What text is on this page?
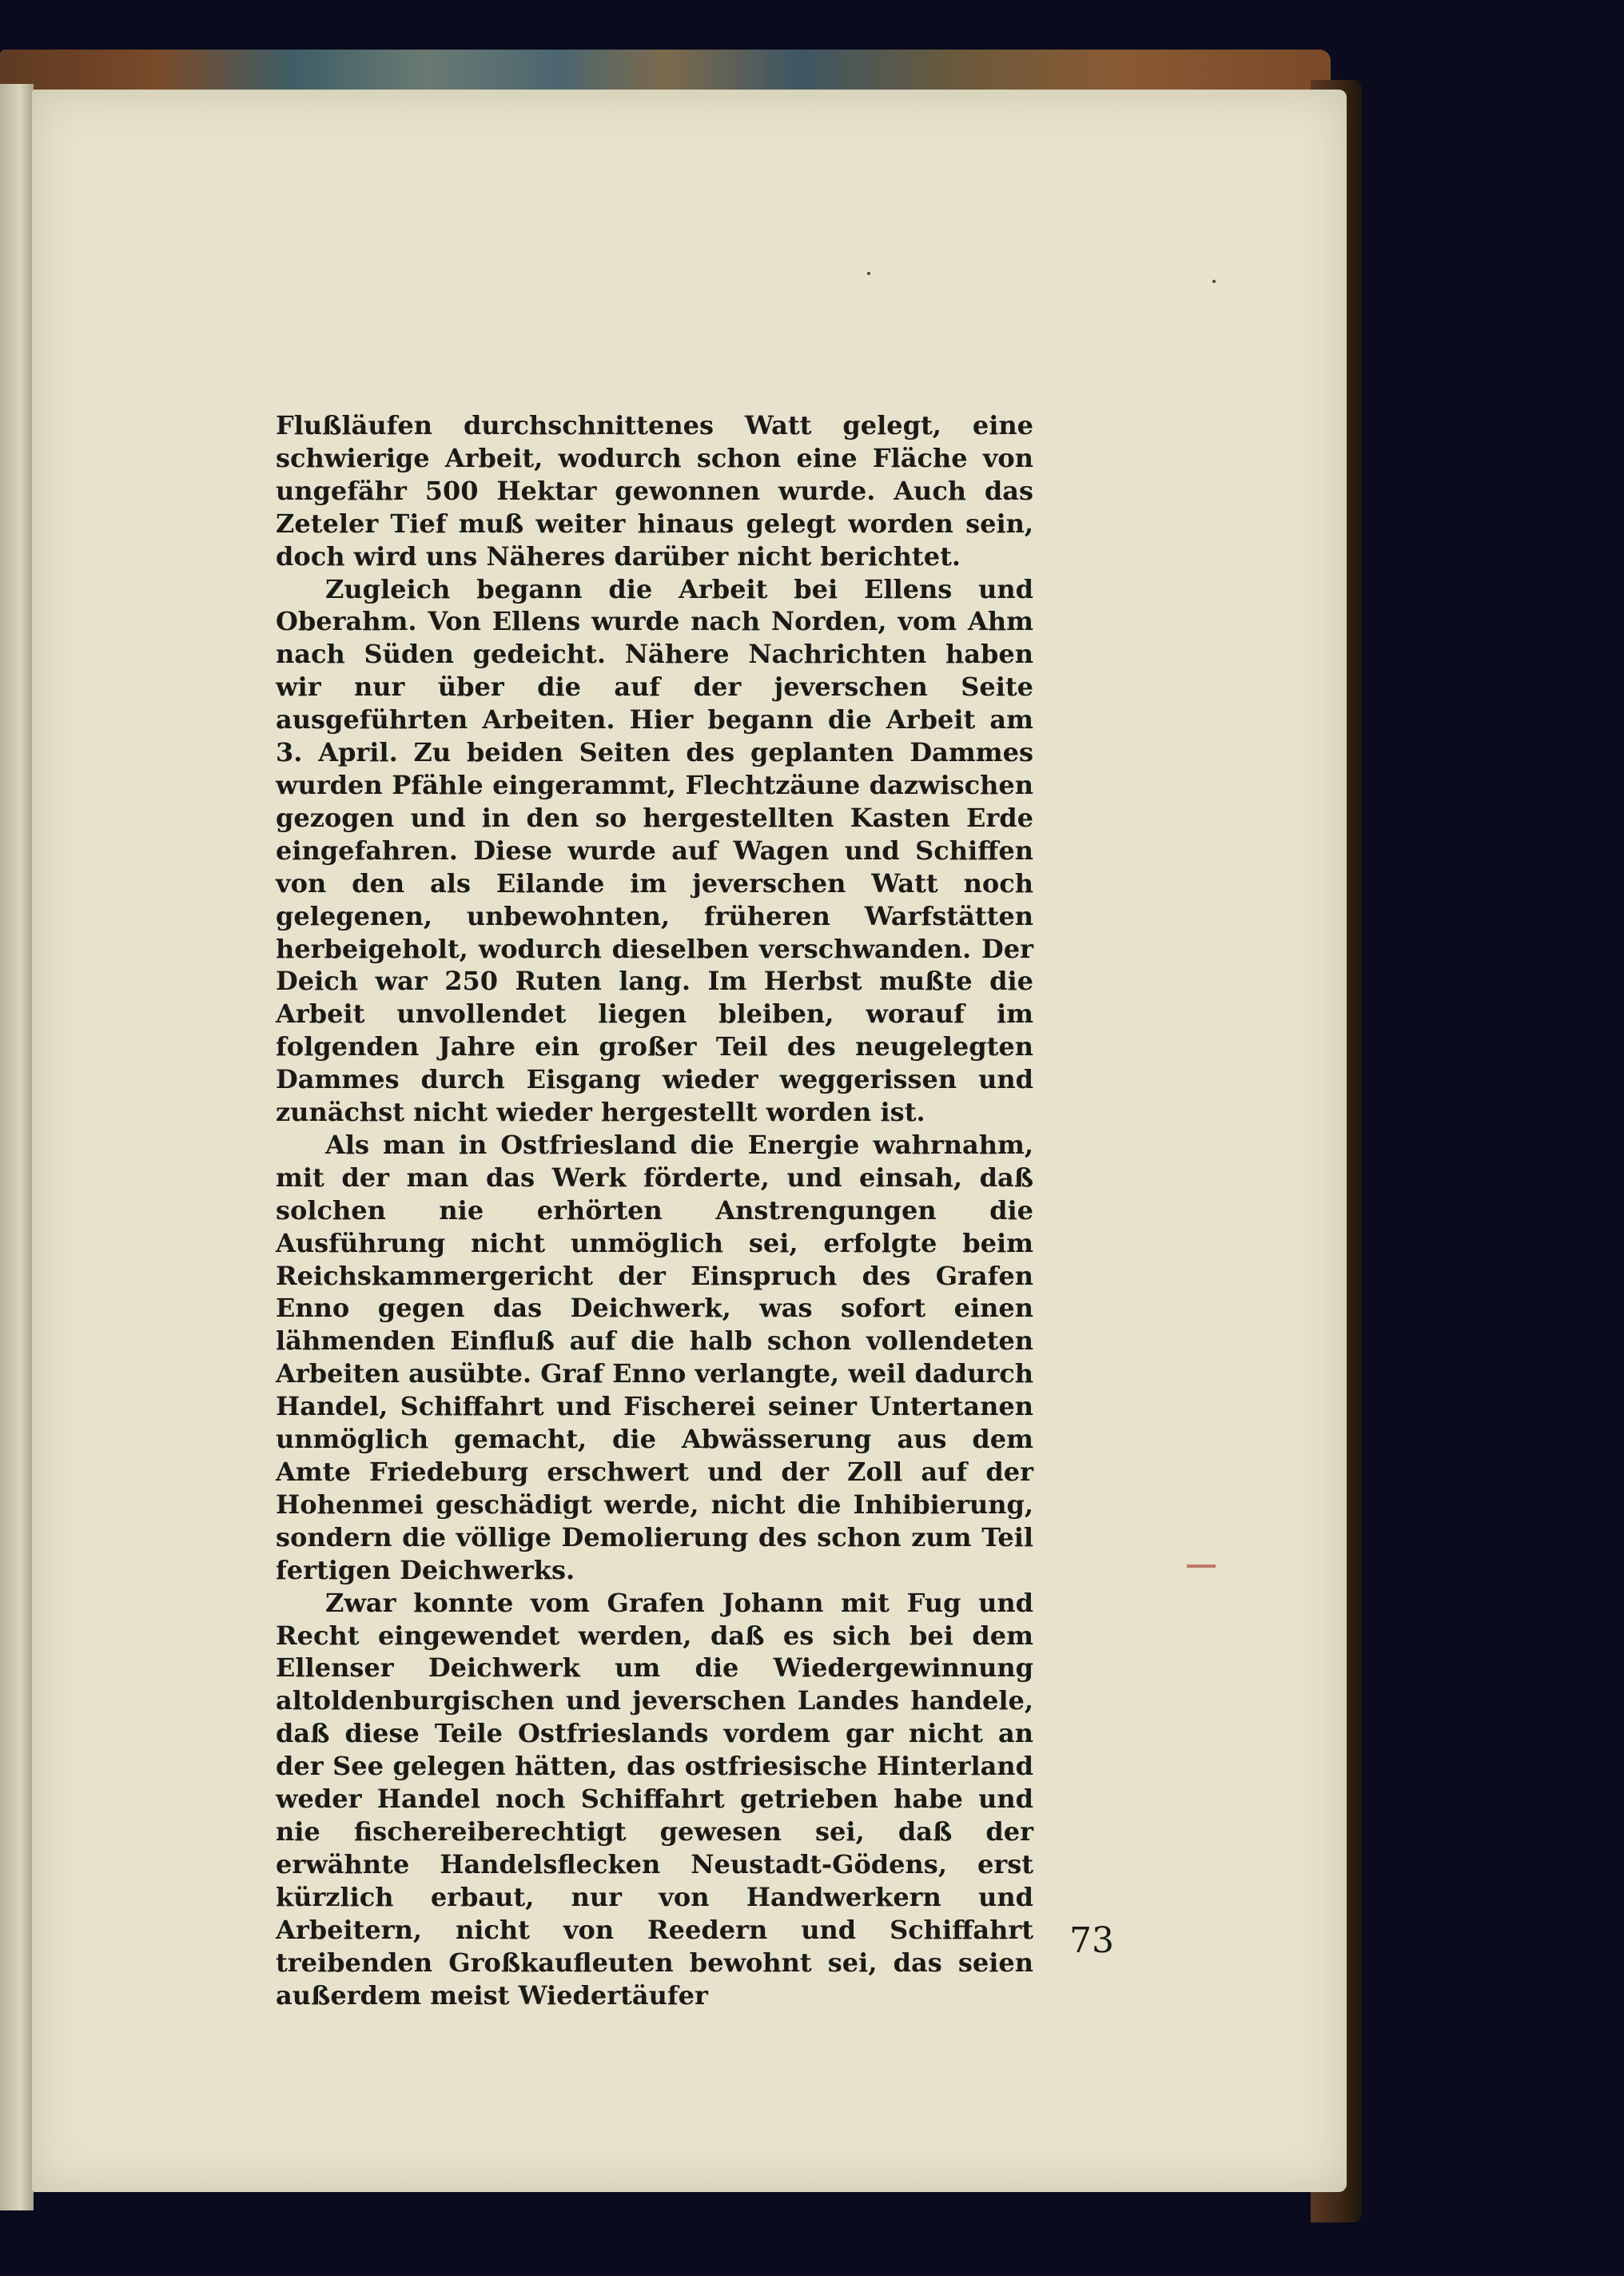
Flußläufen durchschnittenes Watt gelegt, eine schwierige Arbeit, wodurch schon eine Fläche von ungefähr 500 Hektar gewonnen wurde. Auch das Zeteler Tief muß weiter hinaus gelegt worden sein, doch wird uns Näheres darüber nicht berichtet.

Zugleich begann die Arbeit bei Ellens und Oberahm. Von Ellens wurde nach Norden, vom Ahm nach Süden gedeicht. Nähere Nachrichten haben wir nur über die auf der jeverschen Seite ausgeführten Arbeiten. Hier begann die Arbeit am 3. April. Zu beiden Seiten des geplanten Dammes wurden Pfähle eingerammt, Flechtzäune dazwischen gezogen und in den so hergestellten Kasten Erde eingefahren. Diese wurde auf Wagen und Schiffen von den als Eilande im jeverschen Watt noch gelegenen, unbewohnten, früheren Warfstätten herbeigeholt, wodurch dieselben verschwanden. Der Deich war 250 Ruten lang. Im Herbst mußte die Arbeit unvollendet liegen bleiben, worauf im folgenden Jahre ein großer Teil des neugelegten Dammes durch Eisgang wieder weggerissen und zunächst nicht wieder hergestellt worden ist.

Als man in Ostfriesland die Energie wahrnahm, mit der man das Werk förderte, und einsah, daß solchen nie erhörten Anstrengungen die Ausführung nicht unmöglich sei, erfolgte beim Reichskammergericht der Einspruch des Grafen Enno gegen das Deichwerk, was sofort einen lähmenden Einfluß auf die halb schon vollendeten Arbeiten ausübte. Graf Enno verlangte, weil dadurch Handel, Schiffahrt und Fischerei seiner Untertanen unmöglich gemacht, die Abwässerung aus dem Amte Friedeburg erschwert und der Zoll auf der Hohenmei geschädigt werde, nicht die Inhibierung, sondern die völlige Demolierung des schon zum Teil fertigen Deichwerks.

Zwar konnte vom Grafen Johann mit Fug und Recht eingewendet werden, daß es sich bei dem Ellenser Deichwerk um die Wiedergewinnung altoldenburgischen und jeverschen Landes handele, daß diese Teile Ostfrieslands vordem gar nicht an der See gelegen hätten, das ostfriesische Hinterland weder Handel noch Schiffahrt getrieben habe und nie fischereiberechtigt gewesen sei, daß der erwähnte Handelsflecken Neustadt-Gödens, erst kürzlich erbaut, nur von Handwerkern und Arbeitern, nicht von Reedern und Schiffahrt treibenden Großkaufleuten bewohnt sei, das seien außerdem meist Wiedertäufer

73
